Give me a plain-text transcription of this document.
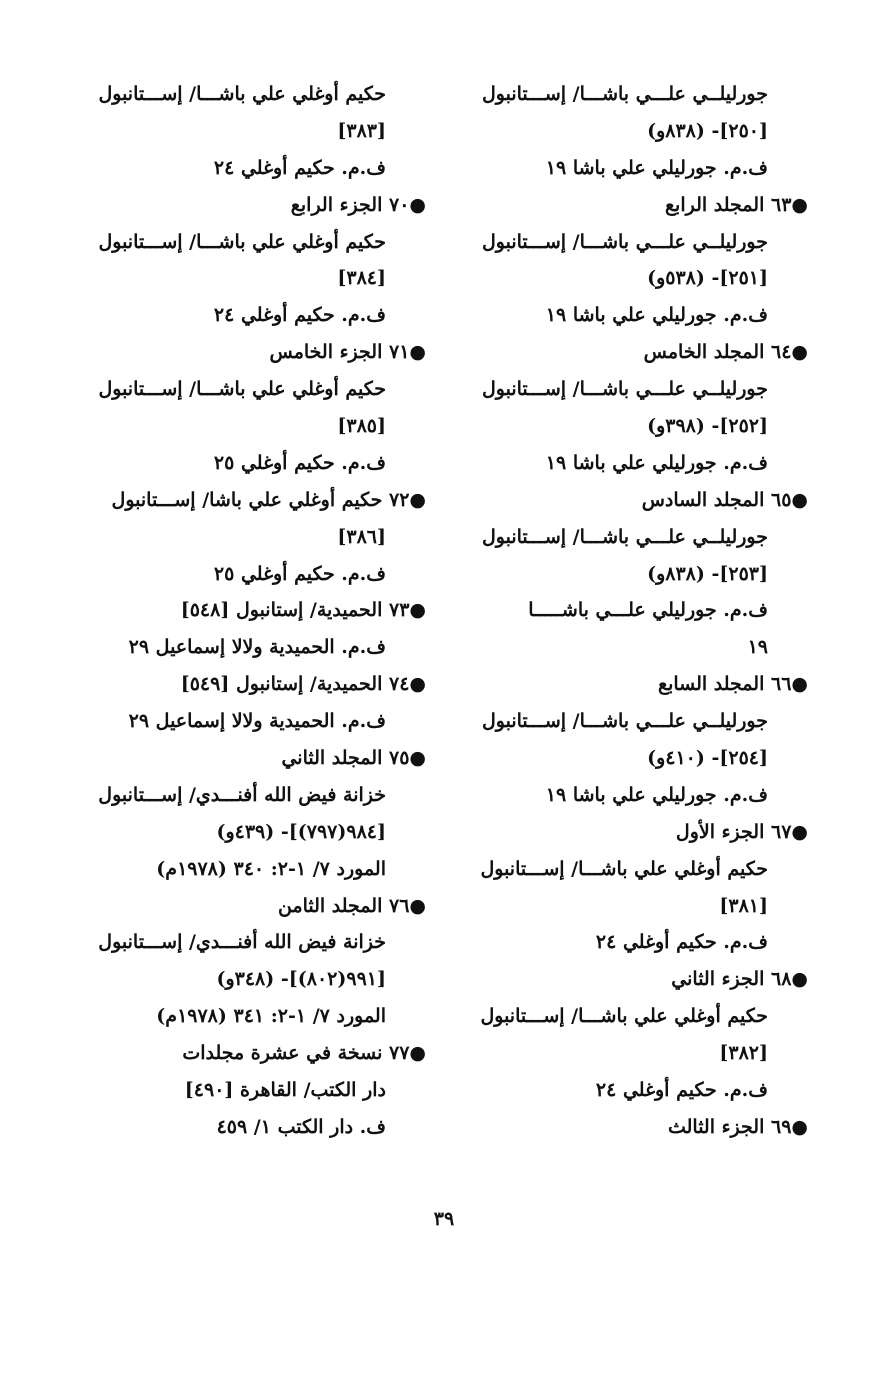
جورليلــي علـــي باشـــا/ إســـتانبول
[٢٥٠]- (٨٣٨و)
ف.م. جورليلي علي باشا ١٩
●٦٣ المجلد الرابع
جورليلــي علـــي باشـــا/ إســـتانبول
[٢٥١]- (٥٣٨و)
ف.م. جورليلي علي باشا ١٩
●٦٤ المجلد الخامس
جورليلــي علـــي باشـــا/ إســـتانبول
[٢٥٢]- (٣٩٨و)
ف.م. جورليلي علي باشا ١٩
●٦٥ المجلد السادس
جورليلــي علـــي باشـــا/ إســـتانبول
[٢٥٣]- (٨٣٨و)
ف.م. جورليلي علـــي باشـــــا
١٩
●٦٦ المجلد السابع
جورليلــي علـــي باشـــا/ إســـتانبول
[٢٥٤]- (٤١٠و)
ف.م. جورليلي علي باشا ١٩
●٦٧ الجزء الأول
حكيم أوغلي علي باشـــا/ إســـتانبول
[٣٨١]
ف.م. حكيم أوغلي ٢٤
●٦٨ الجزء الثاني
حكيم أوغلي علي باشـــا/ إســـتانبول
[٣٨٢]
ف.م. حكيم أوغلي ٢٤
●٦٩ الجزء الثالث
حكيم أوغلي علي باشـــا/ إســـتانبول
[٣٨٣]
ف.م. حكيم أوغلي ٢٤
●٧٠ الجزء الرابع
حكيم أوغلي علي باشـــا/ إســـتانبول
[٣٨٤]
ف.م. حكيم أوغلي ٢٤
●٧١ الجزء الخامس
حكيم أوغلي علي باشـــا/ إســـتانبول
[٣٨٥]
ف.م. حكيم أوغلي ٢٥
●٧٢ حكيم أوغلي علي باشا/ إســـتانبول
[٣٨٦]
ف.م. حكيم أوغلي ٢٥
●٧٣ الحميدية/ إستانبول [٥٤٨]
ف.م. الحميدية ولالا إسماعيل ٢٩
●٧٤ الحميدية/ إستانبول [٥٤٩]
ف.م. الحميدية ولالا إسماعيل ٢٩
●٧٥ المجلد الثاني
خزانة فيض الله أفنـــدي/ إســـتانبول
[٩٨٤(٧٩٧)]- (٤٣٩و)
المورد ٧/ ١-٢: ٣٤٠ (١٩٧٨م)
●٧٦ المجلد الثامن
خزانة فيض الله أفنـــدي/ إســـتانبول
[٩٩١(٨٠٢)]- (٣٤٨و)
المورد ٧/ ١-٢: ٣٤١ (١٩٧٨م)
●٧٧ نسخة في عشرة مجلدات
دار الكتب/ القاهرة [٤٩٠]
ف. دار الكتب ١/ ٤٥٩
٣٩
